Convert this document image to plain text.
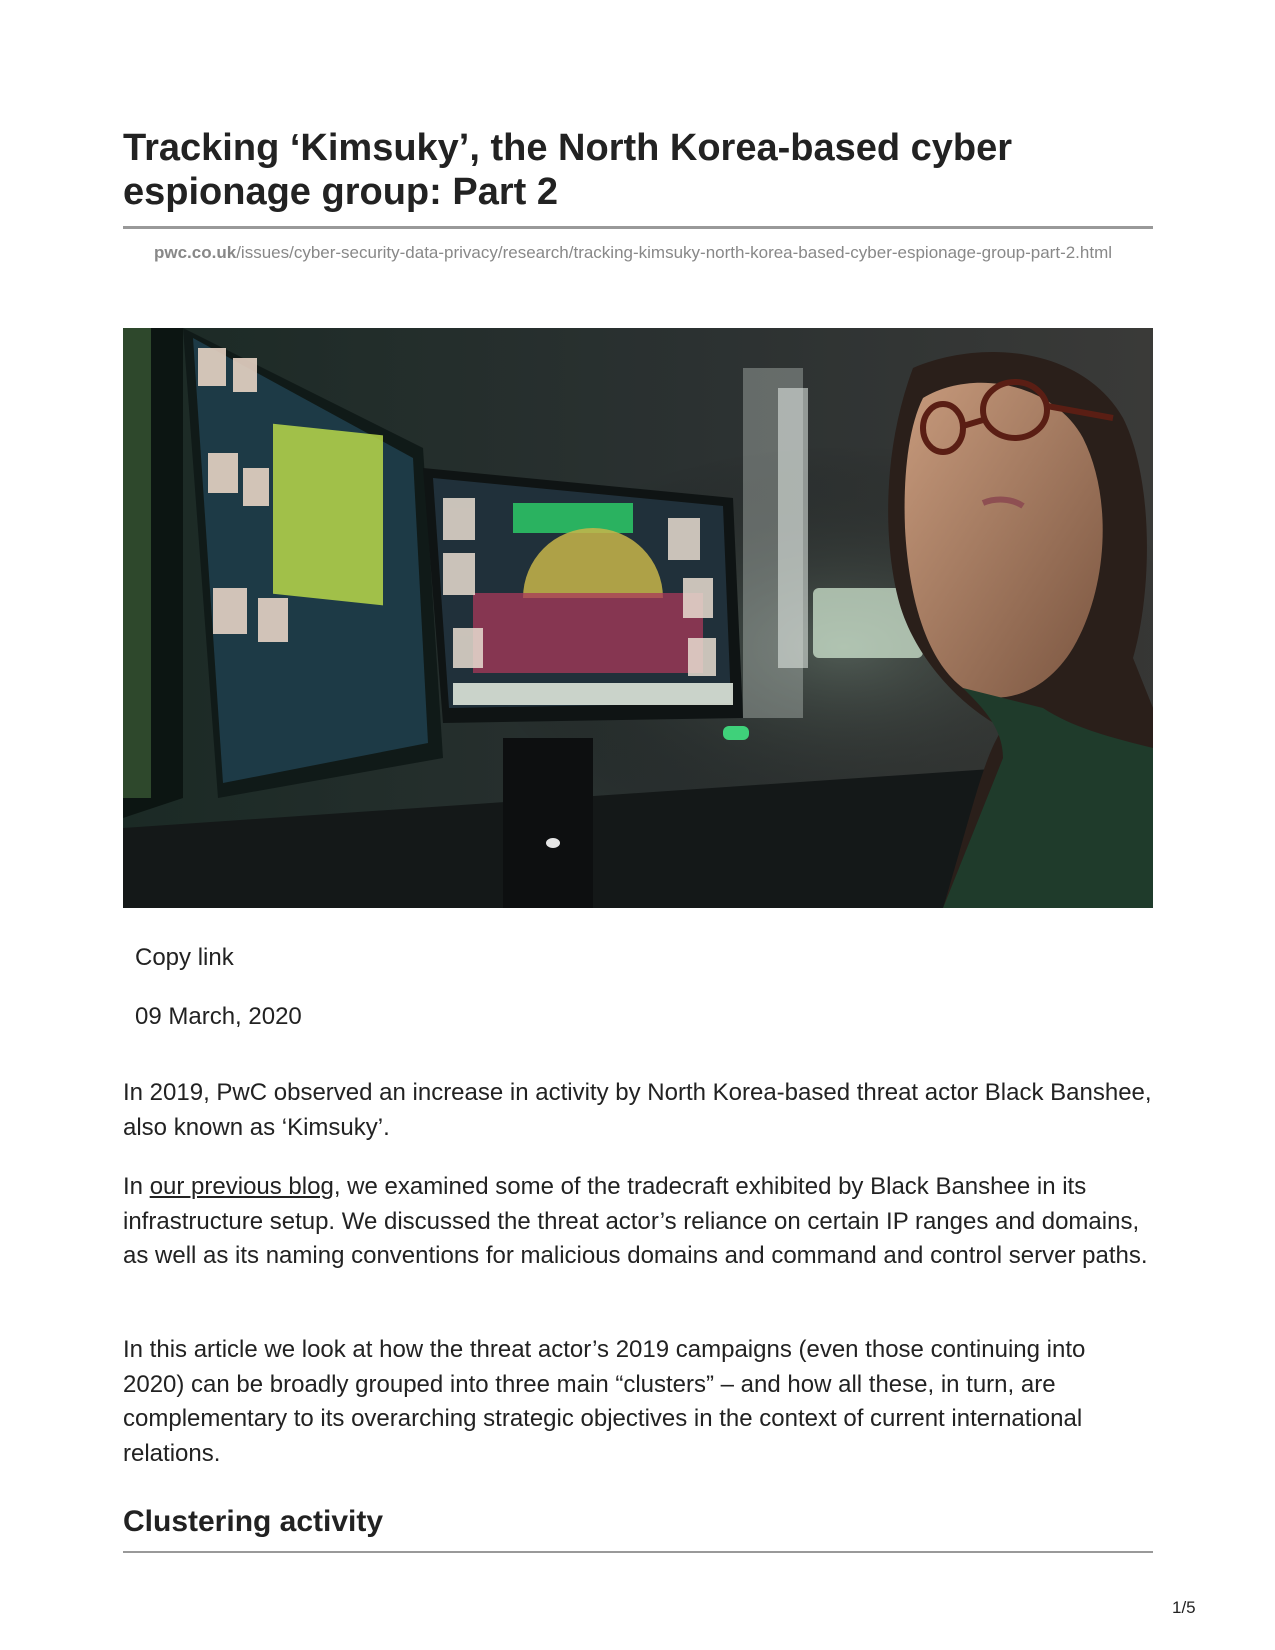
Tracking ‘Kimsuky’, the North Korea-based cyber espionage group: Part 2
pwc.co.uk/issues/cyber-security-data-privacy/research/tracking-kimsuky-north-korea-based-cyber-espionage-group-part-2.html
Copy link
09 March, 2020

In 2019, PwC observed an increase in activity by North Korea-based threat actor Black Banshee, also known as ‘Kimsuky’.

In our previous blog, we examined some of the tradecraft exhibited by Black Banshee in its infrastructure setup. We discussed the threat actor’s reliance on certain IP ranges and domains, as well as its naming conventions for malicious domains and command and control server paths.

In this article we look at how the threat actor’s 2019 campaigns (even those continuing into 2020) can be broadly grouped into three main “clusters” – and how all these, in turn, are complementary to its overarching strategic objectives in the context of current international relations.

Clustering activity
1/5
